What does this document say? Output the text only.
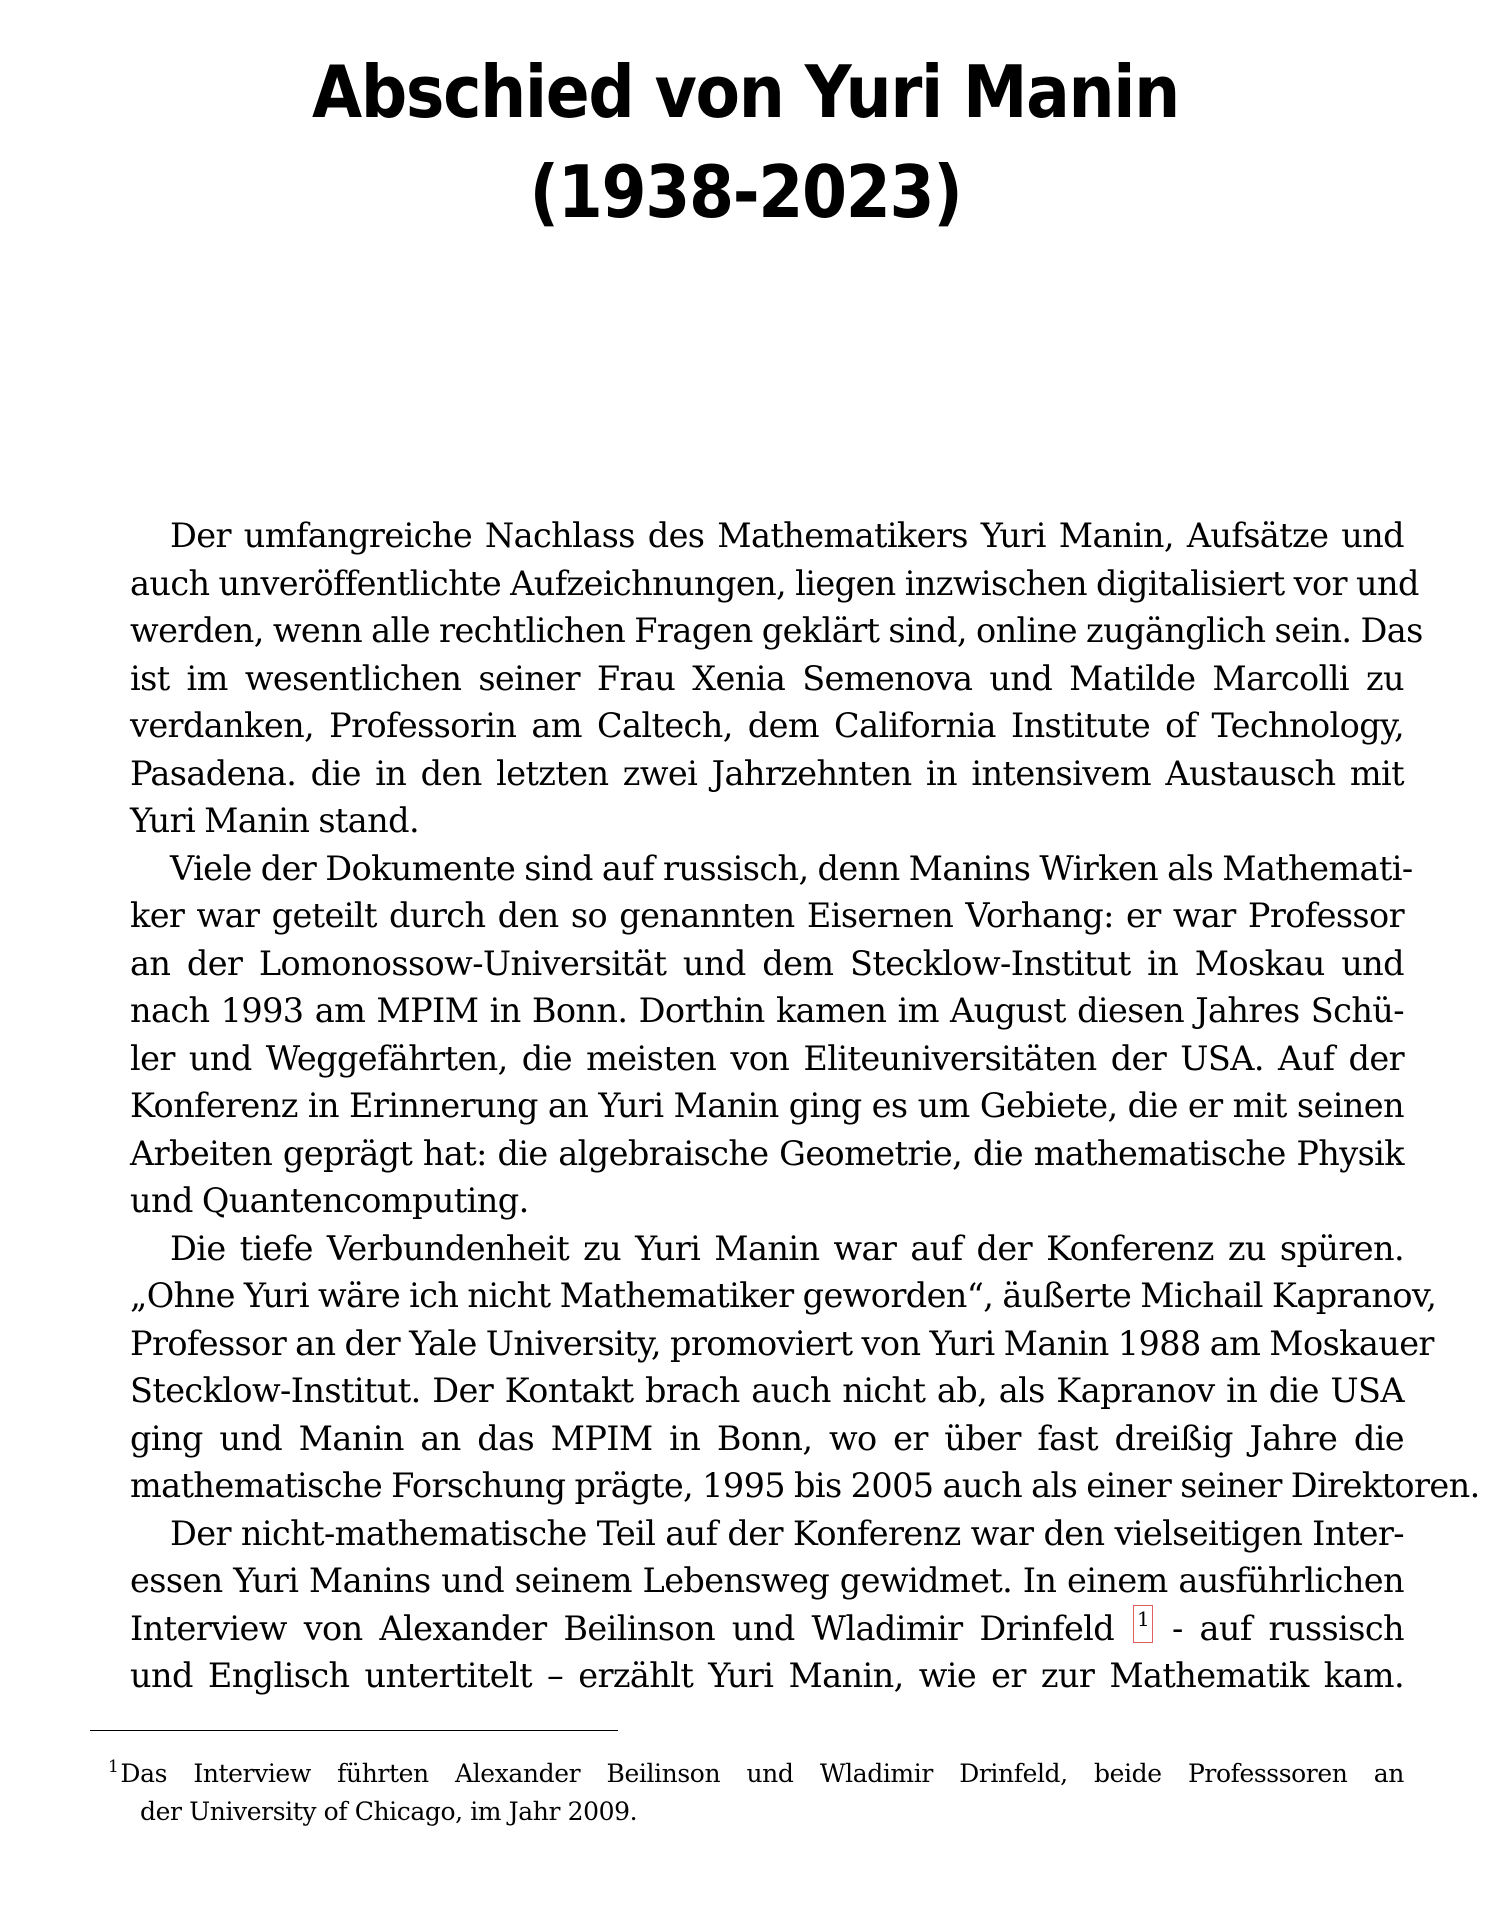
Abschied von Yuri Manin
(1938-2023)
Der umfangreiche Nachlass des Mathematikers Yuri Manin, Aufsätze und
auch unveröffentlichte Aufzeichnungen, liegen inzwischen digitalisiert vor und
werden, wenn alle rechtlichen Fragen geklärt sind, online zugänglich sein. Das
ist im wesentlichen seiner Frau Xenia Semenova und Matilde Marcolli zu
verdanken, Professorin am Caltech, dem California Institute of Technology,
Pasadena. die in den letzten zwei Jahrzehnten in intensivem Austausch mit
Yuri Manin stand.
Viele der Dokumente sind auf russisch, denn Manins Wirken als Mathemati-
ker war geteilt durch den so genannten Eisernen Vorhang: er war Professor
an der Lomonossow-Universität und dem Stecklow-Institut in Moskau und
nach 1993 am MPIM in Bonn. Dorthin kamen im August diesen Jahres Schü-
ler und Weggefährten, die meisten von Eliteuniversitäten der USA. Auf der
Konferenz in Erinnerung an Yuri Manin ging es um Gebiete, die er mit seinen
Arbeiten geprägt hat: die algebraische Geometrie, die mathematische Physik
und Quantencomputing.
Die tiefe Verbundenheit zu Yuri Manin war auf der Konferenz zu spüren.
„Ohne Yuri wäre ich nicht Mathematiker geworden“, äußerte Michail Kapranov,
Professor an der Yale University, promoviert von Yuri Manin 1988 am Moskauer
Stecklow-Institut. Der Kontakt brach auch nicht ab, als Kapranov in die USA
ging und Manin an das MPIM in Bonn, wo er über fast dreißig Jahre die
mathematische Forschung prägte, 1995 bis 2005 auch als einer seiner Direktoren.
Der nicht-mathematische Teil auf der Konferenz war den vielseitigen Inter-
essen Yuri Manins und seinem Lebensweg gewidmet. In einem ausführlichen
Interview von Alexander Beilinson und Wladimir Drinfeld 1 - auf russisch
und Englisch untertitelt – erzählt Yuri Manin, wie er zur Mathematik kam.
$^1$Das Interview führten Alexander Beilinson und Wladimir Drinfeld, beide Professsoren an
der University of Chicago, im Jahr 2009.
